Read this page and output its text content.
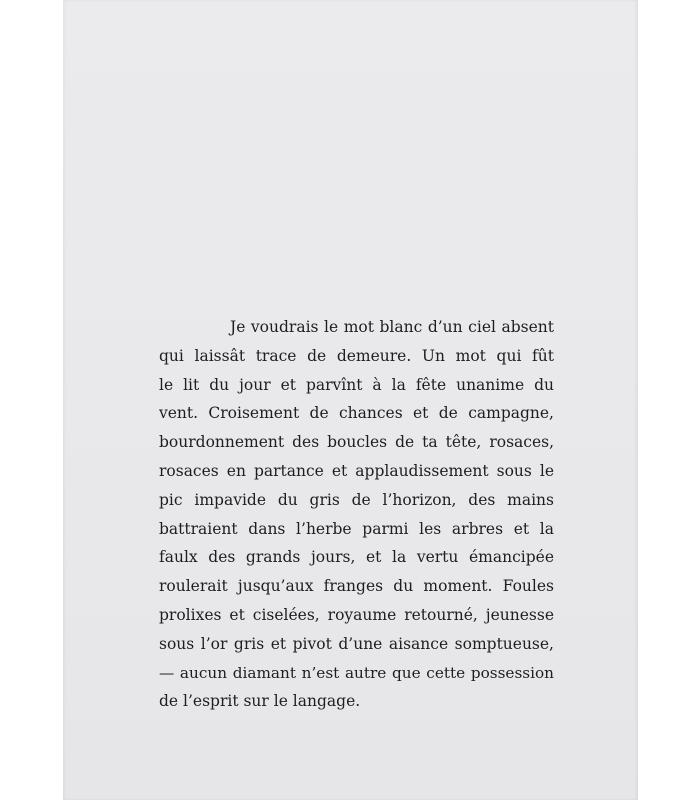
Je voudrais le mot blanc d’un ciel absent
qui laissât trace de demeure. Un mot qui fût
le lit du jour et parvînt à la fête unanime du
vent. Croisement de chances et de campagne,
bourdonnement des boucles de ta tête, rosaces,
rosaces en partance et applaudissement sous le
pic impavide du gris de l’horizon, des mains
battraient dans l’herbe parmi les arbres et la
faulx des grands jours, et la vertu émancipée
roulerait jusqu’aux franges du moment. Foules
prolixes et ciselées, royaume retourné, jeunesse
sous l’or gris et pivot d’une aisance somptueuse,
— aucun diamant n’est autre que cette possession
de l’esprit sur le langage.
